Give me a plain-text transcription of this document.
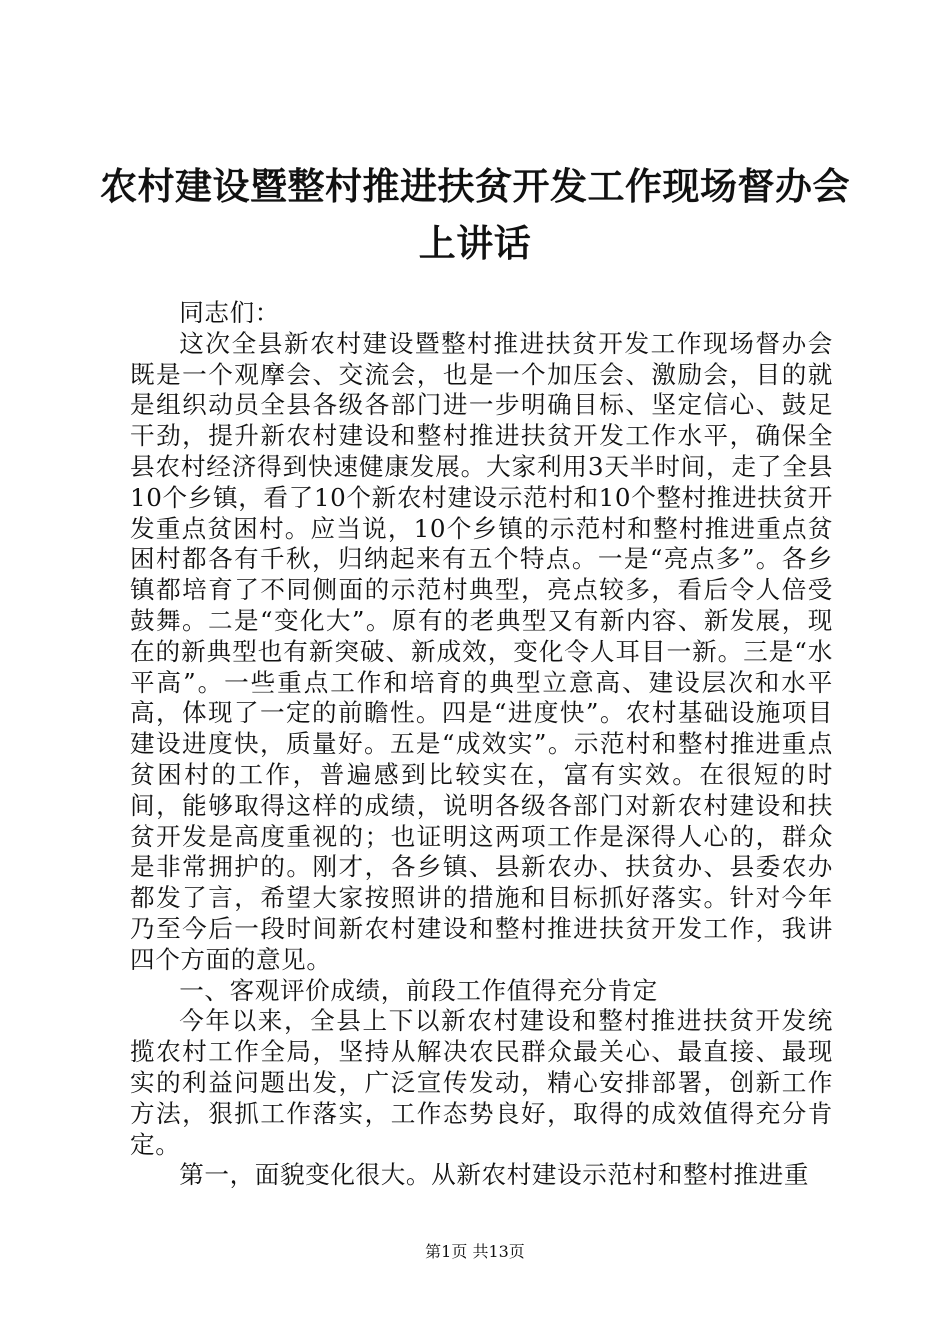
农村建设暨整村推进扶贫开发工作现场督办会
上讲话

同志们：

这次全县新农村建设暨整村推进扶贫开发工作现场督办会既是一个观摩会、交流会，也是一个加压会、激励会，目的就是组织动员全县各级各部门进一步明确目标、坚定信心、鼓足干劲，提升新农村建设和整村推进扶贫开发工作水平，确保全县农村经济得到快速健康发展。大家利用3天半时间，走了全县10个乡镇，看了10个新农村建设示范村和10个整村推进扶贫开发重点贫困村。应当说，10个乡镇的示范村和整村推进重点贫困村都各有千秋，归纳起来有五个特点。一是“亮点多”。各乡镇都培育了不同侧面的示范村典型，亮点较多，看后令人倍受鼓舞。二是“变化大”。原有的老典型又有新内容、新发展，现在的新典型也有新突破、新成效，变化令人耳目一新。三是“水平高”。一些重点工作和培育的典型立意高、建设层次和水平高，体现了一定的前瞻性。四是“进度快”。农村基础设施项目建设进度快，质量好。五是“成效实”。示范村和整村推进重点贫困村的工作，普遍感到比较实在，富有实效。在很短的时间，能够取得这样的成绩，说明各级各部门对新农村建设和扶贫开发是高度重视的；也证明这两项工作是深得人心的，群众是非常拥护的。刚才，各乡镇、县新农办、扶贫办、县委农办都发了言，希望大家按照讲的措施和目标抓好落实。针对今年乃至今后一段时间新农村建设和整村推进扶贫开发工作，我讲四个方面的意见。

一、客观评价成绩，前段工作值得充分肯定

今年以来，全县上下以新农村建设和整村推进扶贫开发统揽农村工作全局，坚持从解决农民群众最关心、最直接、最现实的利益问题出发，广泛宣传发动，精心安排部署，创新工作方法，狠抓工作落实，工作态势良好，取得的成效值得充分肯定。

第一，面貌变化很大。从新农村建设示范村和整村推进重

第1页 共13页
